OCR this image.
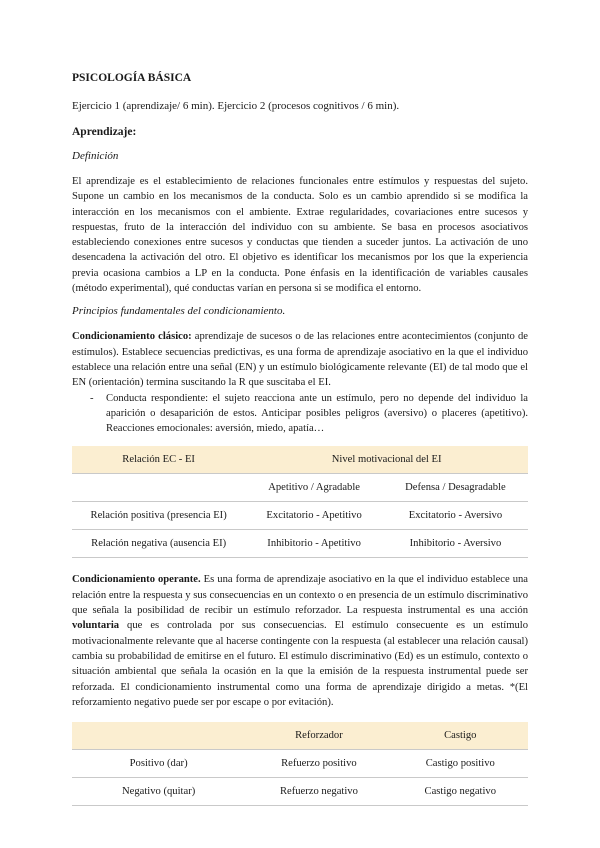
PSICOLOGÍA BÁSICA
Ejercicio 1 (aprendizaje/ 6 min). Ejercicio 2 (procesos cognitivos / 6 min).
Aprendizaje:
Definición

El aprendizaje es el establecimiento de relaciones funcionales entre estímulos y respuestas del sujeto. Supone un cambio en los mecanismos de la conducta. Solo es un cambio aprendido si se modifica la interacción en los mecanismos con el ambiente. Extrae regularidades, covariaciones entre sucesos y respuestas, fruto de la interacción del individuo con su ambiente. Se basa en procesos asociativos estableciendo conexiones entre sucesos y conductas que tienden a suceder juntos. La activación de uno desencadena la activación del otro. El objetivo es identificar los mecanismos por los que la experiencia previa ocasiona cambios a LP en la conducta. Pone énfasis en la identificación de variables causales (método experimental), qué conductas varían en persona si se modifica el entorno.

Principios fundamentales del condicionamiento.

Condicionamiento clásico: aprendizaje de sucesos o de las relaciones entre acontecimientos (conjunto de estímulos). Establece secuencias predictivas, es una forma de aprendizaje asociativo en la que el individuo establece una relación entre una señal (EN) y un estímulo biológicamente relevante (EI) de tal modo que el EN (orientación) termina suscitando la R que suscitaba el EI.

- Conducta respondiente: el sujeto reacciona ante un estímulo, pero no depende del individuo la aparición o desaparición de estos. Anticipar posibles peligros (aversivo) o placeres (apetitivo). Reacciones emocionales: aversión, miedo, apatía…
Relación EC - EI	Nivel motivacional del EI	
	Apetitivo / Agradable	Defensa / Desagradable
Relación positiva (presencia EI)	Excitatorio - Apetitivo	Excitatorio - Aversivo
Relación negativa (ausencia EI)	Inhibitorio - Apetitivo	Inhibitorio - Aversivo

Condicionamiento operante. Es una forma de aprendizaje asociativo en la que el individuo establece una relación entre la respuesta y sus consecuencias en un contexto o en presencia de un estímulo discriminativo que señala la posibilidad de recibir un estímulo reforzador. La respuesta instrumental es una acción voluntaria que es controlada por sus consecuencias. El estímulo consecuente es un estímulo motivacionalmente relevante que al hacerse contingente con la respuesta (al establecer una relación causal) cambia su probabilidad de emitirse en el futuro. El estímulo discriminativo (Ed) es un estímulo, contexto o situación ambiental que señala la ocasión en la que la emisión de la respuesta instrumental puede ser reforzada. El condicionamiento instrumental como una forma de aprendizaje dirigido a metas. *(El reforzamiento negativo puede ser por escape o por evitación).

	Reforzador	Castigo
Positivo (dar)	Refuerzo positivo	Castigo positivo
Negativo (quitar)	Refuerzo negativo	Castigo negativo
